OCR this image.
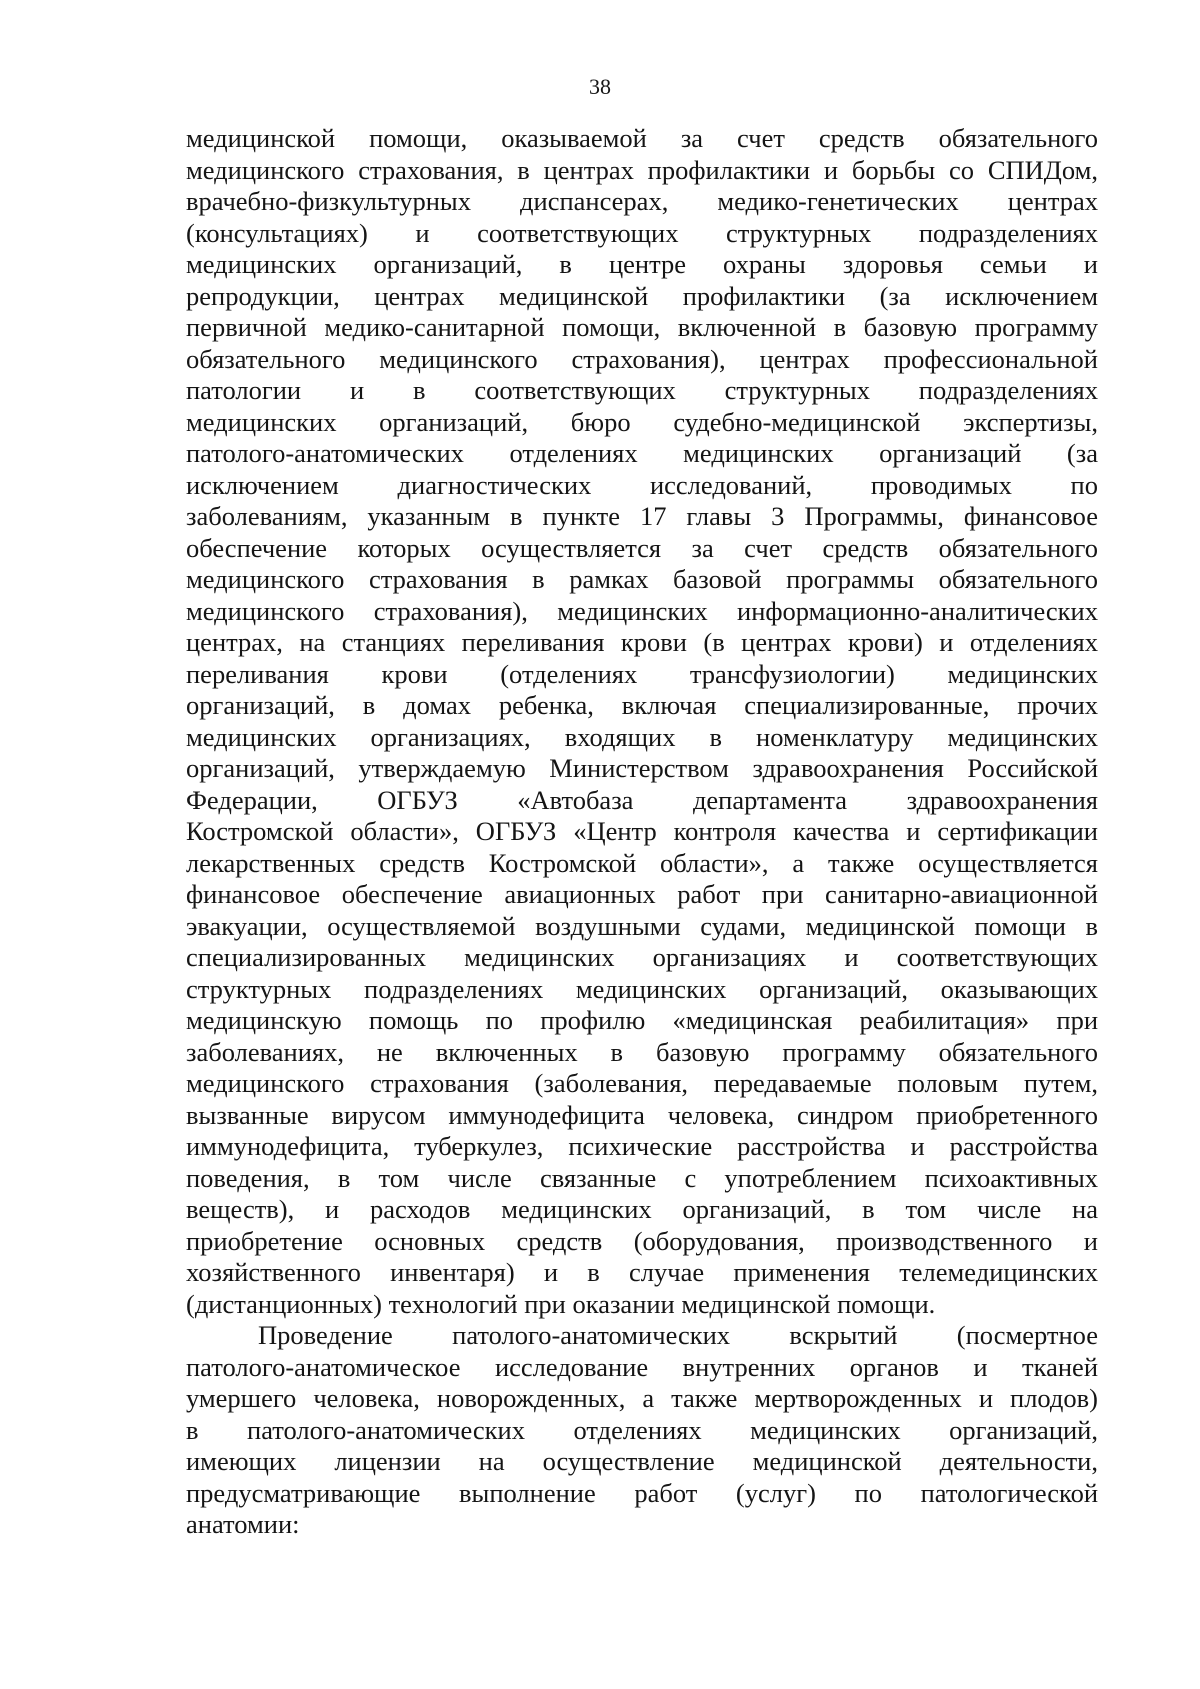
38
медицинской помощи, оказываемой за счет средств обязательного
медицинского страхования, в центрах профилактики и борьбы со СПИДом,
врачебно-физкультурных диспансерах, медико-генетических центрах
(консультациях) и соответствующих структурных подразделениях
медицинских организаций, в центре охраны здоровья семьи и
репродукции, центрах медицинской профилактики (за исключением
первичной медико-санитарной помощи, включенной в базовую программу
обязательного медицинского страхования), центрах профессиональной
патологии и в соответствующих структурных подразделениях
медицинских организаций, бюро судебно-медицинской экспертизы,
патолого-анатомических отделениях медицинских организаций (за
исключением диагностических исследований, проводимых по
заболеваниям, указанным в пункте 17 главы 3 Программы, финансовое
обеспечение которых осуществляется за счет средств обязательного
медицинского страхования в рамках базовой программы обязательного
медицинского страхования), медицинских информационно-аналитических
центрах, на станциях переливания крови (в центрах крови) и отделениях
переливания крови (отделениях трансфузиологии) медицинских
организаций, в домах ребенка, включая специализированные, прочих
медицинских организациях, входящих в номенклатуру медицинских
организаций, утверждаемую Министерством здравоохранения Российской
Федерации, ОГБУЗ «Автобаза департамента здравоохранения
Костромской области», ОГБУЗ «Центр контроля качества и сертификации
лекарственных средств Костромской области», а также осуществляется
финансовое обеспечение авиационных работ при санитарно-авиационной
эвакуации, осуществляемой воздушными судами, медицинской помощи в
специализированных медицинских организациях и соответствующих
структурных подразделениях медицинских организаций, оказывающих
медицинскую помощь по профилю «медицинская реабилитация» при
заболеваниях, не включенных в базовую программу обязательного
медицинского страхования (заболевания, передаваемые половым путем,
вызванные вирусом иммунодефицита человека, синдром приобретенного
иммунодефицита, туберкулез, психические расстройства и расстройства
поведения, в том числе связанные с употреблением психоактивных
веществ), и расходов медицинских организаций, в том числе на
приобретение основных средств (оборудования, производственного и
хозяйственного инвентаря) и в случае применения телемедицинских
(дистанционных) технологий при оказании медицинской помощи.
Проведение патолого-анатомических вскрытий (посмертное
патолого-анатомическое исследование внутренних органов и тканей
умершего человека, новорожденных, а также мертворожденных и плодов)
в патолого-анатомических отделениях медицинских организаций,
имеющих лицензии на осуществление медицинской деятельности,
предусматривающие выполнение работ (услуг) по патологической
анатомии:
